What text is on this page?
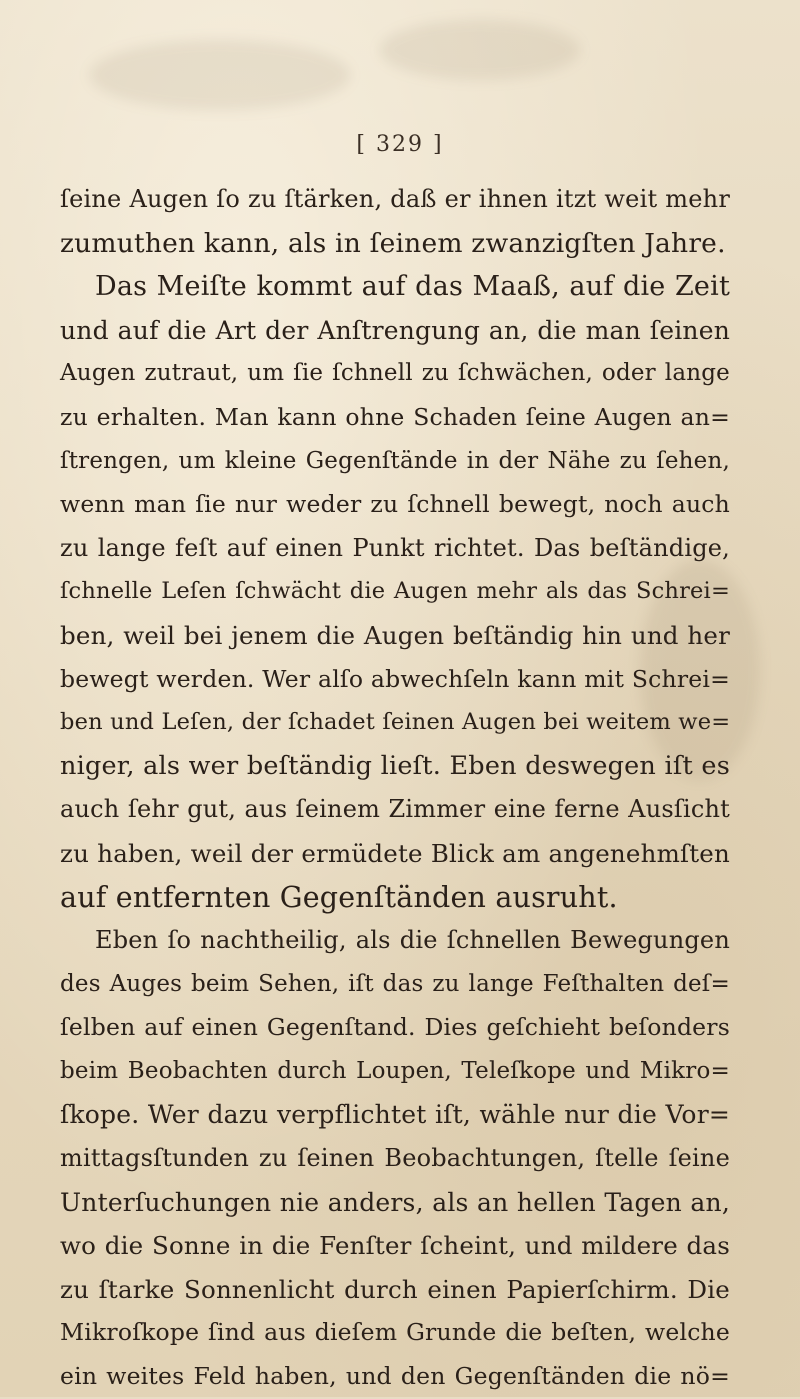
[ 329 ]
ſeine Augen ſo zu ſtärken, daß er ihnen itzt weit mehr
zumuthen kann, als in ſeinem zwanzigſten Jahre.
Das Meiſte kommt auf das Maaß, auf die Zeit
und auf die Art der Anſtrengung an, die man ſeinen
Augen zutraut, um ſie ſchnell zu ſchwächen, oder lange
zu erhalten. Man kann ohne Schaden ſeine Augen an=
ſtrengen, um kleine Gegenſtände in der Nähe zu ſehen,
wenn man ſie nur weder zu ſchnell bewegt, noch auch
zu lange feſt auf einen Punkt richtet. Das beſtändige,
ſchnelle Leſen ſchwächt die Augen mehr als das Schrei=
ben, weil bei jenem die Augen beſtändig hin und her
bewegt werden. Wer alſo abwechſeln kann mit Schrei=
ben und Leſen, der ſchadet ſeinen Augen bei weitem we=
niger, als wer beſtändig lieſt. Eben deswegen iſt es
auch ſehr gut, aus ſeinem Zimmer eine ferne Ausſicht
zu haben, weil der ermüdete Blick am angenehmſten
auf entfernten Gegenſtänden ausruht.
Eben ſo nachtheilig, als die ſchnellen Bewegungen
des Auges beim Sehen, iſt das zu lange Feſthalten deſ=
ſelben auf einen Gegenſtand. Dies geſchieht beſonders
beim Beobachten durch Loupen, Teleſkope und Mikro=
ſkope. Wer dazu verpflichtet iſt, wähle nur die Vor=
mittagsſtunden zu ſeinen Beobachtungen, ſtelle ſeine
Unterſuchungen nie anders, als an hellen Tagen an,
wo die Sonne in die Fenſter ſcheint, und mildere das
zu ſtarke Sonnenlicht durch einen Papierſchirm. Die
Mikroſkope ſind aus dieſem Grunde die beſten, welche
ein weites Feld haben, und den Gegenſtänden die nö=
